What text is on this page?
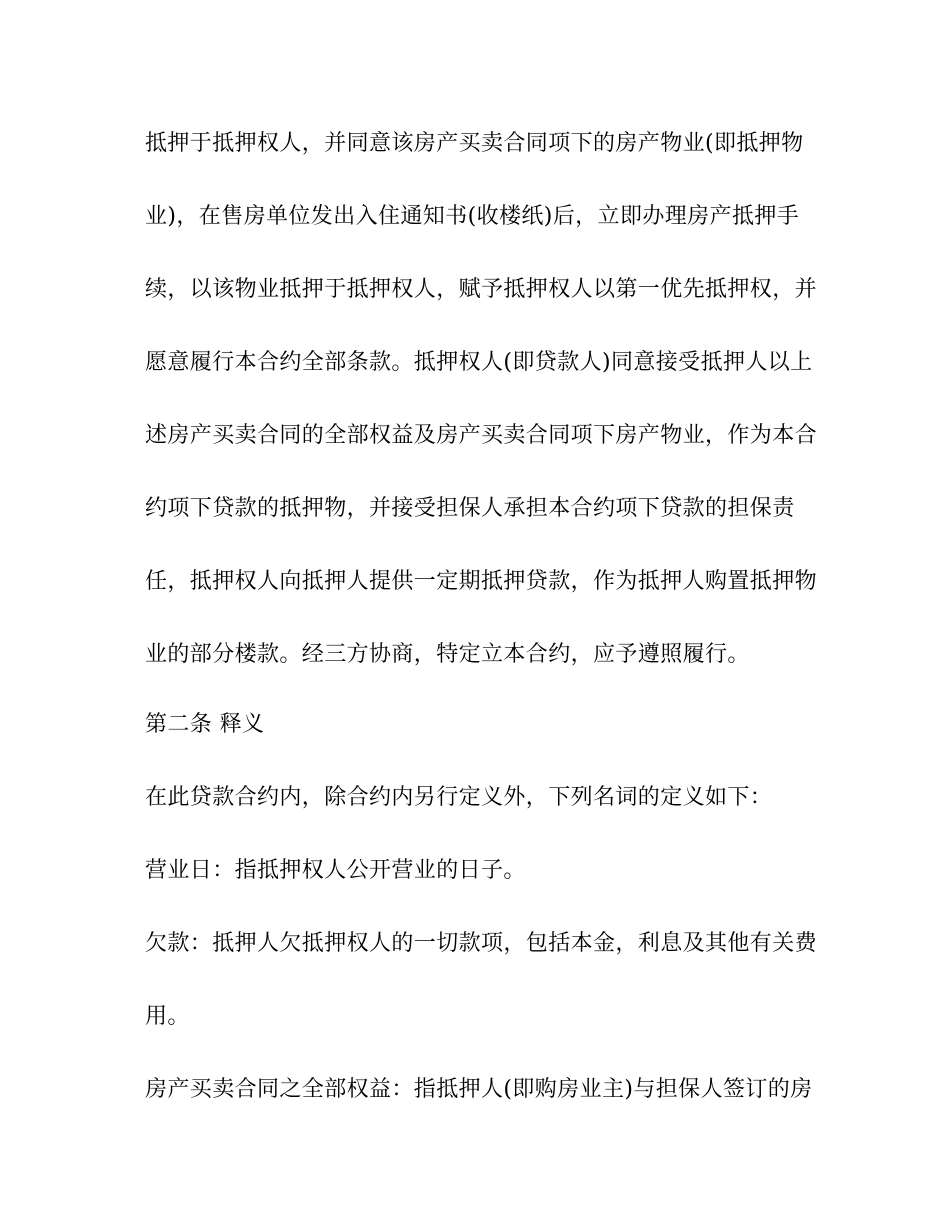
抵押于抵押权人，并同意该房产买卖合同项下的房产物业(即抵押物
业)，在售房单位发出入住通知书(收楼纸)后，立即办理房产抵押手
续，以该物业抵押于抵押权人，赋予抵押权人以第一优先抵押权，并
愿意履行本合约全部条款。抵押权人(即贷款人)同意接受抵押人以上
述房产买卖合同的全部权益及房产买卖合同项下房产物业，作为本合
约项下贷款的抵押物，并接受担保人承担本合约项下贷款的担保责
任，抵押权人向抵押人提供一定期抵押贷款，作为抵押人购置抵押物
业的部分楼款。经三方协商，特定立本合约，应予遵照履行。
第二条 释义
在此贷款合约内，除合约内另行定义外，下列名词的定义如下：
营业日：指抵押权人公开营业的日子。
欠款：抵押人欠抵押权人的一切款项，包括本金，利息及其他有关费
用。
房产买卖合同之全部权益：指抵押人(即购房业主)与担保人签订的房
